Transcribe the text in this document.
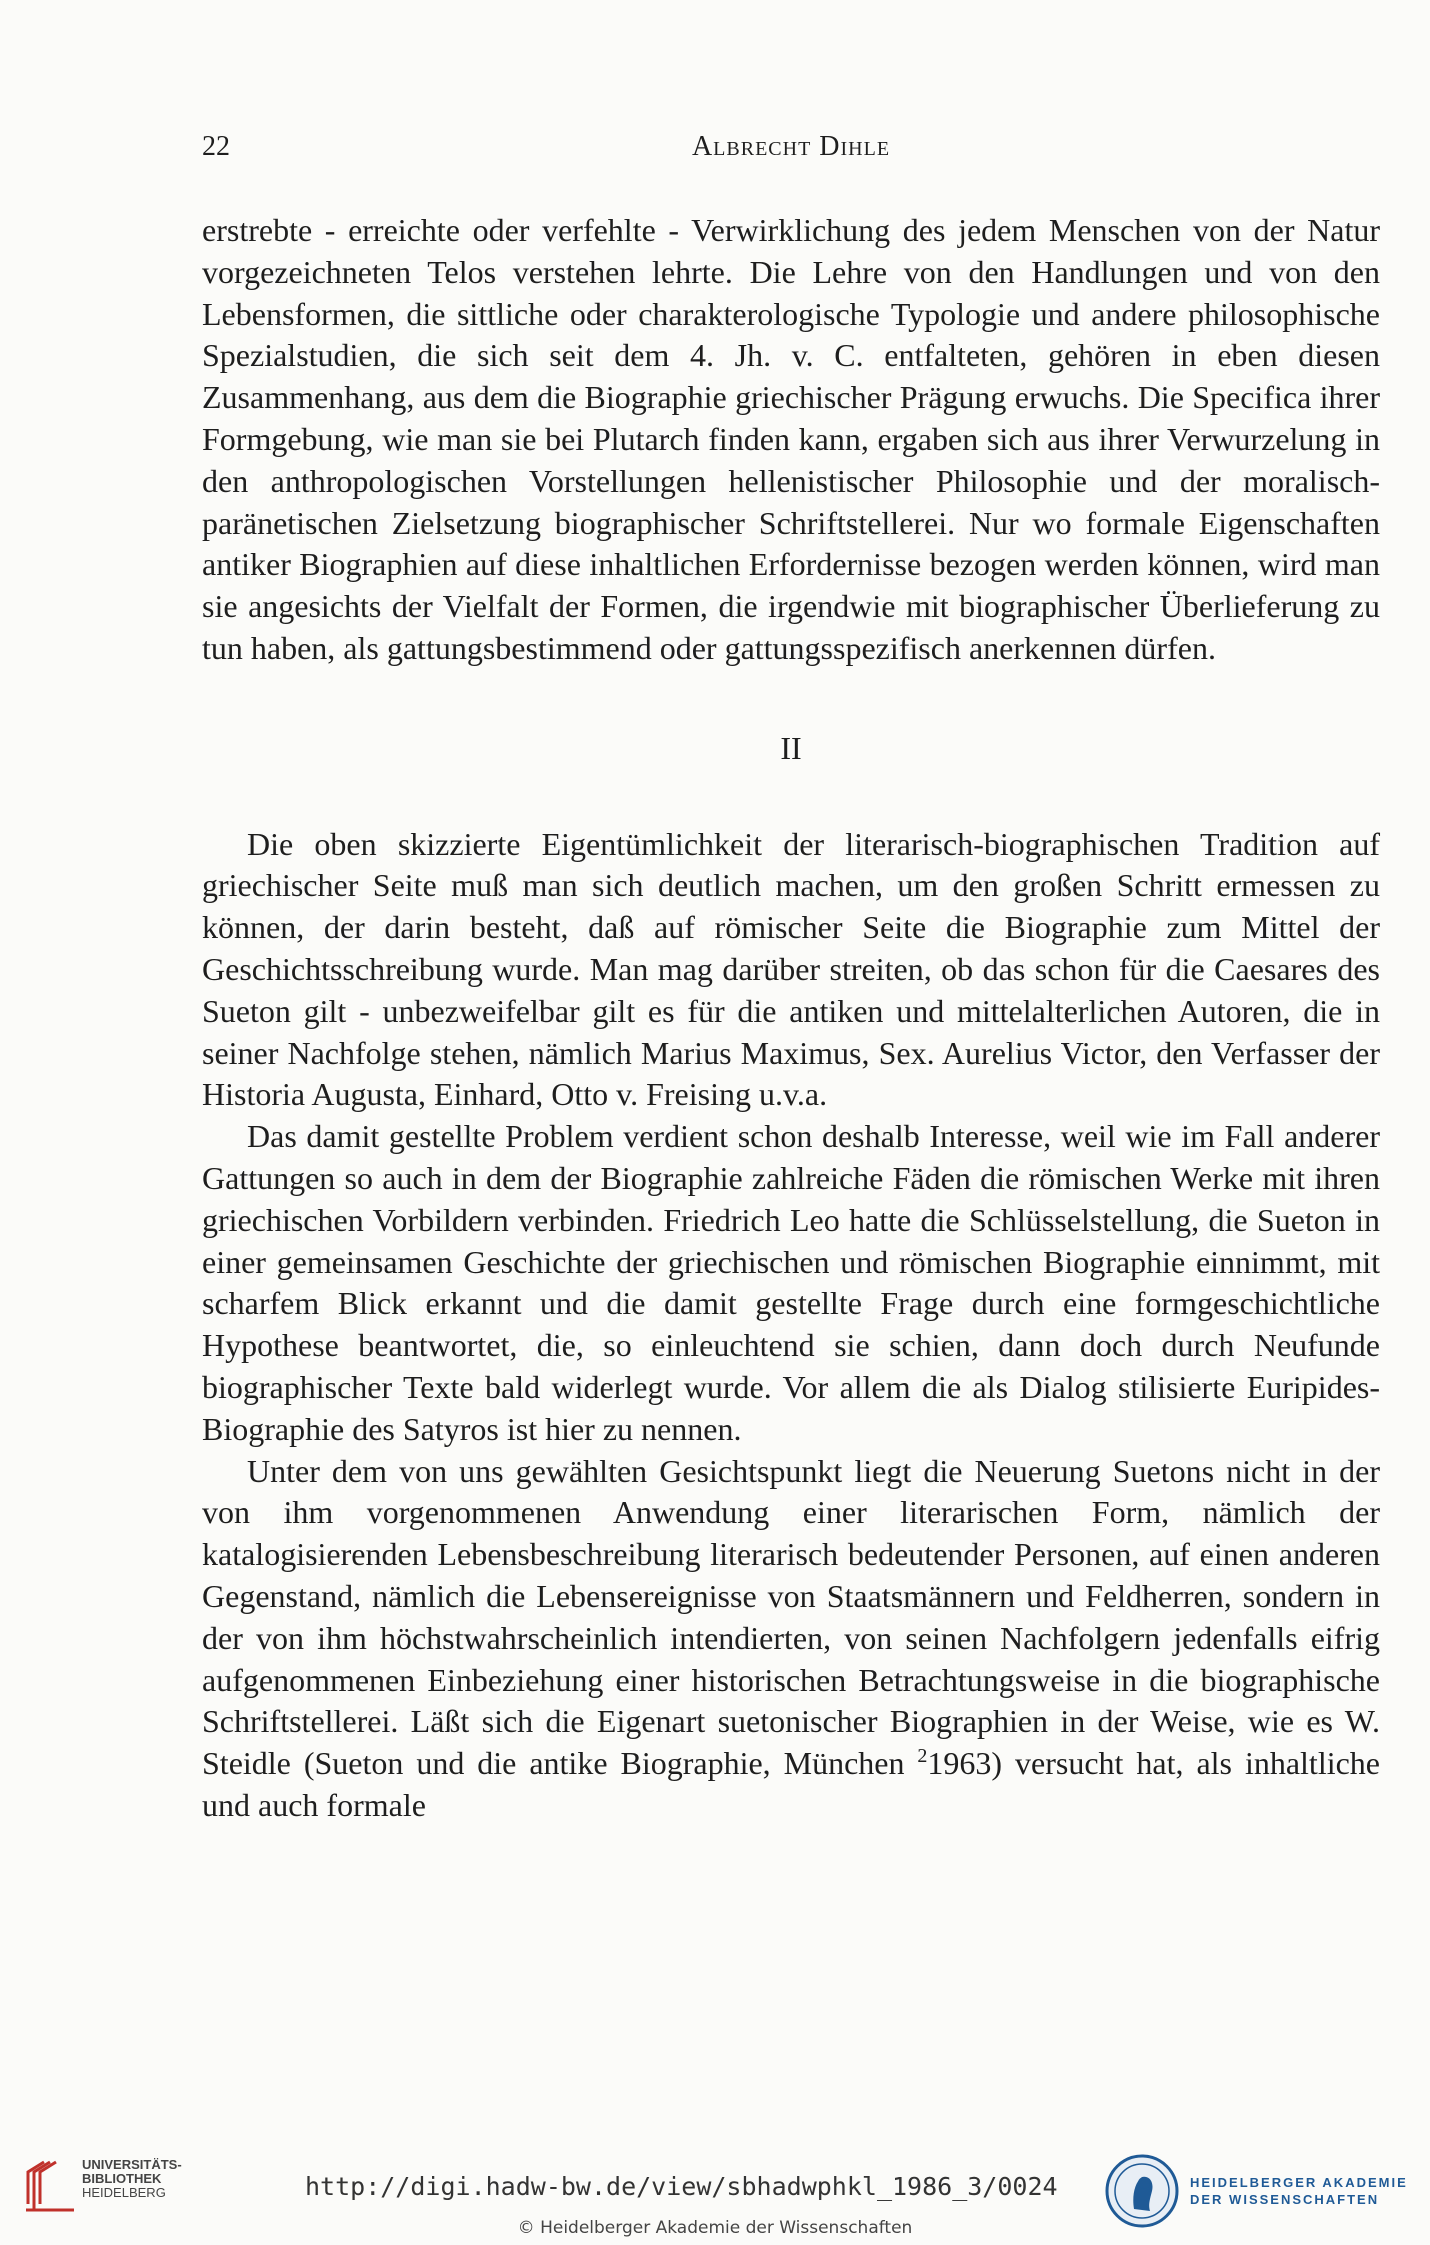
22	Albrecht Dihle

erstrebte - erreichte oder verfehlte - Verwirklichung des jedem Menschen von der Natur vorgezeichneten Telos verstehen lehrte. Die Lehre von den Handlungen und von den Lebensformen, die sittliche oder charakterologische Typologie und andere philosophische Spezialstudien, die sich seit dem 4. Jh. v. C. entfalteten, gehören in eben diesen Zusammenhang, aus dem die Biographie griechischer Prägung erwuchs. Die Specifica ihrer Formgebung, wie man sie bei Plutarch finden kann, ergaben sich aus ihrer Verwurzelung in den anthropologischen Vorstellungen hellenistischer Philosophie und der moralisch-paränetischen Zielsetzung biographischer Schriftstellerei. Nur wo formale Eigenschaften antiker Biographien auf diese inhaltlichen Erfordernisse bezogen werden können, wird man sie angesichts der Vielfalt der Formen, die irgendwie mit biographischer Überlieferung zu tun haben, als gattungsbestimmend oder gattungsspezifisch anerkennen dürfen.

II

Die oben skizzierte Eigentümlichkeit der literarisch-biographischen Tradition auf griechischer Seite muß man sich deutlich machen, um den großen Schritt ermessen zu können, der darin besteht, daß auf römischer Seite die Biographie zum Mittel der Geschichtsschreibung wurde. Man mag darüber streiten, ob das schon für die Caesares des Sueton gilt - unbezweifelbar gilt es für die antiken und mittelalterlichen Autoren, die in seiner Nachfolge stehen, nämlich Marius Maximus, Sex. Aurelius Victor, den Verfasser der Historia Augusta, Einhard, Otto v. Freising u.v.a.

Das damit gestellte Problem verdient schon deshalb Interesse, weil wie im Fall anderer Gattungen so auch in dem der Biographie zahlreiche Fäden die römischen Werke mit ihren griechischen Vorbildern verbinden. Friedrich Leo hatte die Schlüsselstellung, die Sueton in einer gemeinsamen Geschichte der griechischen und römischen Biographie einnimmt, mit scharfem Blick erkannt und die damit gestellte Frage durch eine formgeschichtliche Hypothese beantwortet, die, so einleuchtend sie schien, dann doch durch Neufunde biographischer Texte bald widerlegt wurde. Vor allem die als Dialog stilisierte Euripides-Biographie des Satyros ist hier zu nennen.

Unter dem von uns gewählten Gesichtspunkt liegt die Neuerung Suetons nicht in der von ihm vorgenommenen Anwendung einer literarischen Form, nämlich der katalogisierenden Lebensbeschreibung literarisch bedeutender Personen, auf einen anderen Gegenstand, nämlich die Lebensereignisse von Staatsmännern und Feldherren, sondern in der von ihm höchstwahrscheinlich intendierten, von seinen Nachfolgern jedenfalls eifrig aufgenommenen Einbeziehung einer historischen Betrachtungsweise in die biographische Schriftstellerei. Läßt sich die Eigenart suetonischer Biographien in der Weise, wie es W. Steidle (Sueton und die antike Biographie, München $^2$1963) versucht hat, als inhaltliche und auch formale

UNIVERSITÄTS-
BIBLIOTHEK
HEIDELBERG	http://digi.hadw-bw.de/view/sbhadwphkl_1986_3/0024
© Heidelberger Akademie der Wissenschaften
HEIDELBERGER AKADEMIE
DER WISSENSCHAFTEN
